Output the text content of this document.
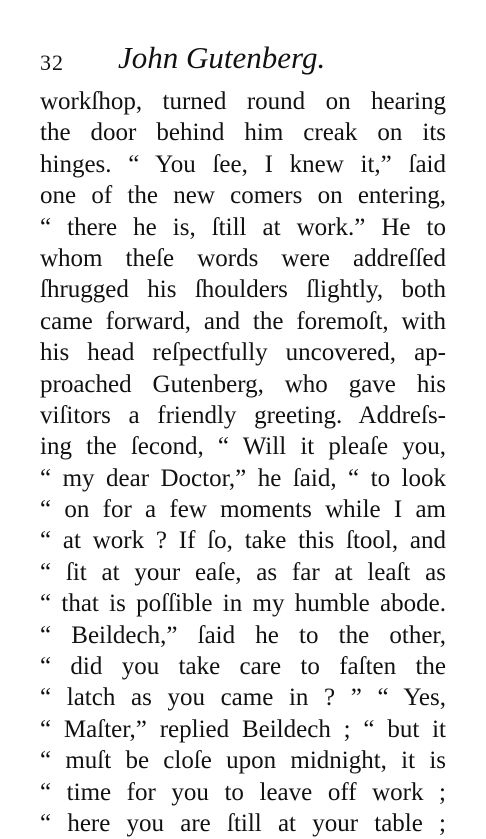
32 John Gutenberg.
workſhop, turned round on hearing
the door behind him creak on its
hinges. “ You ſee, I knew it,” ſaid
one of the new comers on entering,
“ there he is, ſtill at work.” He to
whom theſe words were addreſſed
ſhrugged his ſhoulders ſlightly, both
came forward, and the foremoſt, with
his head reſpectfully uncovered, ap-
proached Gutenberg, who gave his
viſitors a friendly greeting. Addreſs-
ing the ſecond, “ Will it pleaſe you,
“ my dear Doctor,” he ſaid, “ to look
“ on for a few moments while I am
“ at work ? If ſo, take this ſtool, and
“ ſit at your eaſe, as far at leaſt as
“ that is poſſible in my humble abode.
“ Beildech,” ſaid he to the other,
“ did you take care to faſten the
“ latch as you came in ? ” “ Yes,
“ Maſter,” replied Beildech ; “ but it
“ muſt be cloſe upon midnight, it is
“ time for you to leave off work ;
“ here you are ſtill at your table ;
